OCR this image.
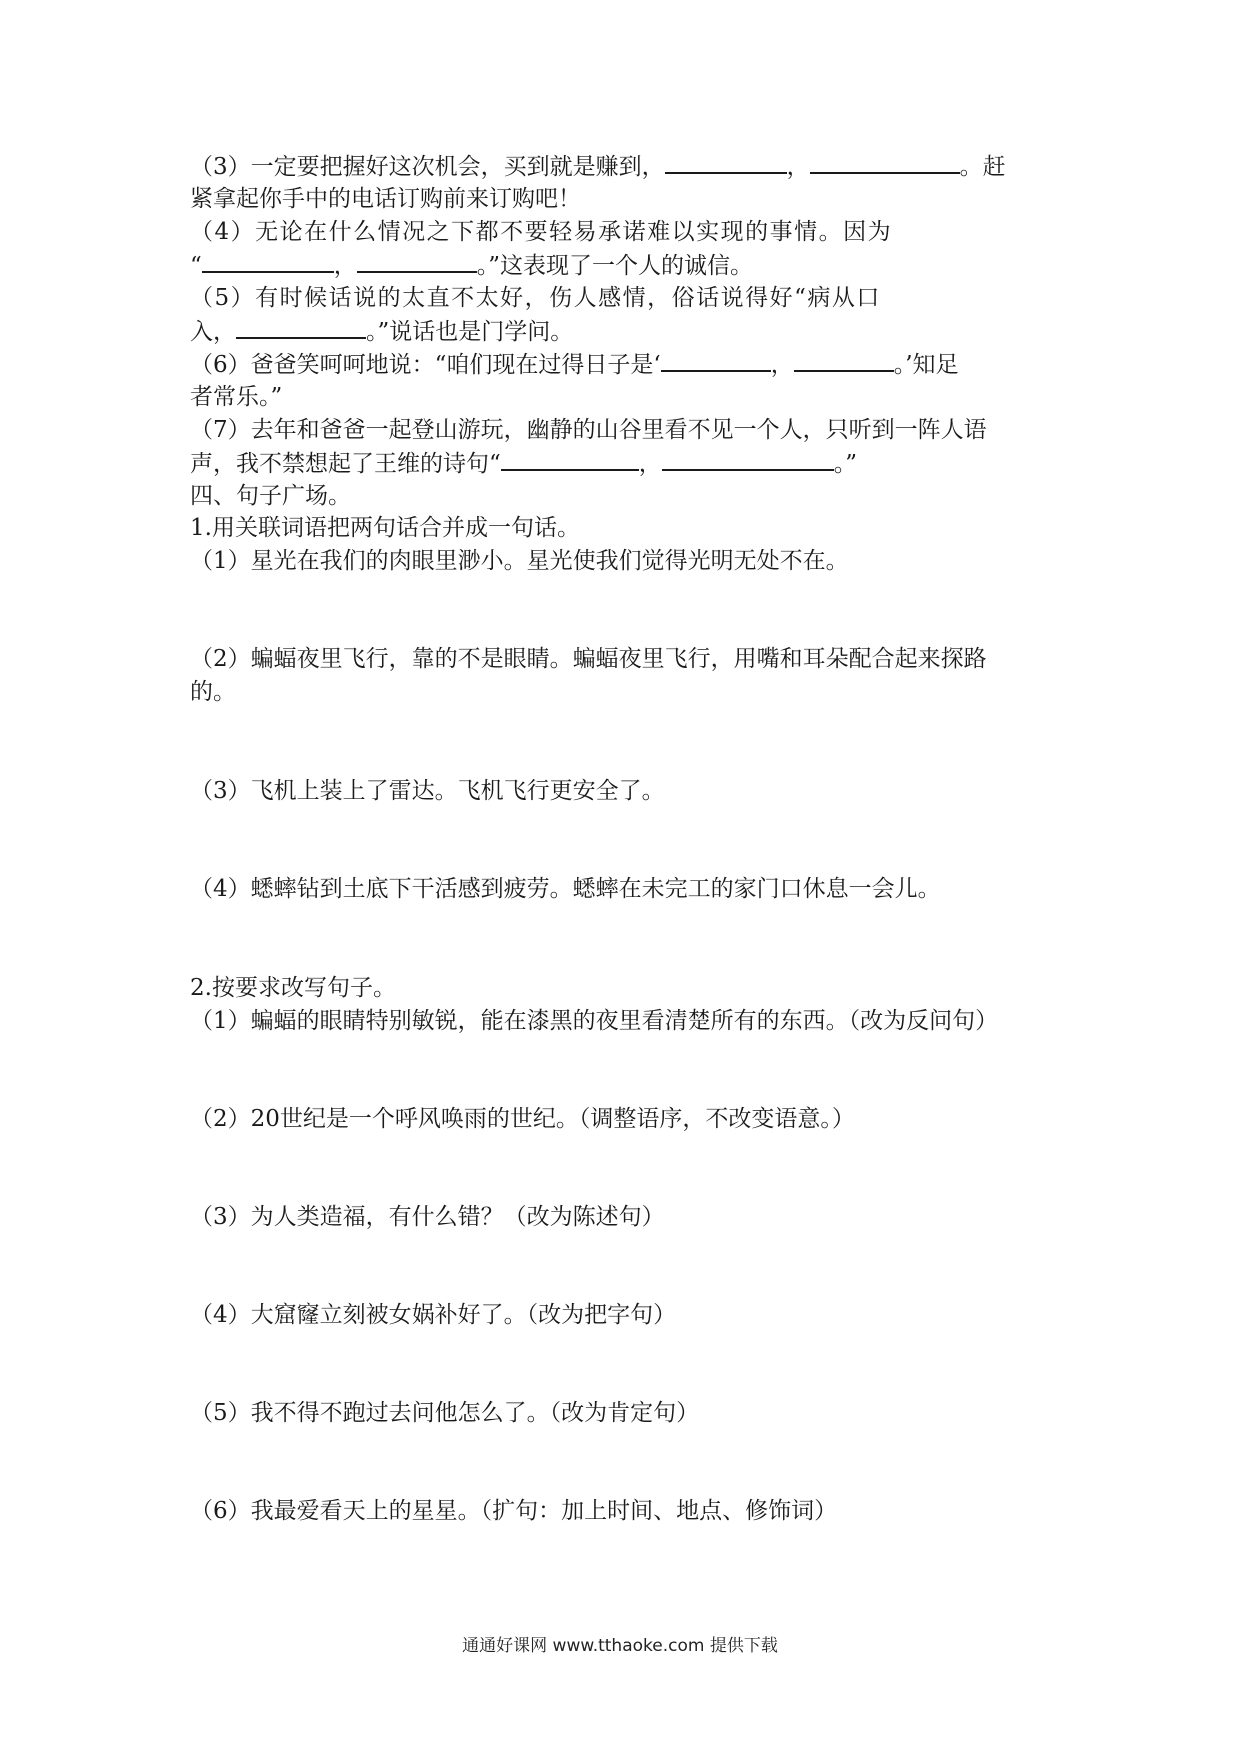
（3）一定要把握好这次机会，买到就是赚到，	，	。赶
紧拿起你手中的电话订购前来订购吧！
（4）无论在什么情况之下都不要轻易承诺难以实现的事情。因为
“	，	。”这表现了一个人的诚信。
（5）有时候话说的太直不太好，伤人感情，俗话说得好“病从口
入，	。”说话也是门学问。
（6）爸爸笑呵呵地说：“咱们现在过得日子是‘	，	。’知足
者常乐。”
（7）去年和爸爸一起登山游玩，幽静的山谷里看不见一个人，只听到一阵人语
声，我不禁想起了王维的诗句“	，	。”
四、句子广场。
1.用关联词语把两句话合并成一句话。
（1）星光在我们的肉眼里渺小。星光使我们觉得光明无处不在。
（2）蝙蝠夜里飞行，靠的不是眼睛。蝙蝠夜里飞行，用嘴和耳朵配合起来探路
的。
（3）飞机上装上了雷达。飞机飞行更安全了。
（4）蟋蟀钻到土底下干活感到疲劳。蟋蟀在未完工的家门口休息一会儿。
2.按要求改写句子。
（1）蝙蝠的眼睛特别敏锐，能在漆黑的夜里看清楚所有的东西。（改为反问句）
（2）20世纪是一个呼风唤雨的世纪。（调整语序，不改变语意。）
（3）为人类造福，有什么错？（改为陈述句）
（4）大窟窿立刻被女娲补好了。（改为把字句）
（5）我不得不跑过去问他怎么了。（改为肯定句）
（6）我最爱看天上的星星。（扩句：加上时间、地点、修饰词）
通通好课网 www.tthaoke.com 提供下载
